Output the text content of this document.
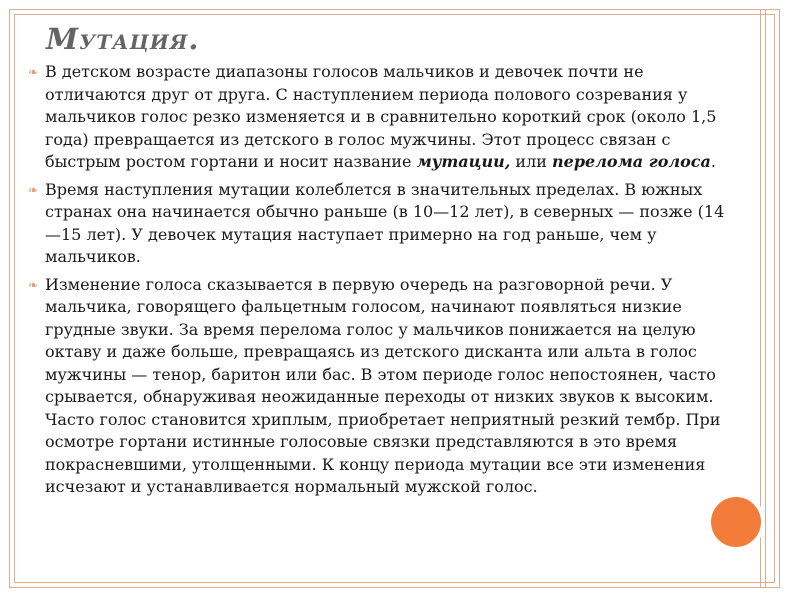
Мутация.
❧ В детском возрасте диапазоны голосов мальчиков и девочек почти не отличаются друг от друга. С наступлением периода полового созревания у мальчиков голос резко изменяется и в сравнительно короткий срок (около 1,5 года) превращается из детского в голос мужчины. Этот процесс связан с быстрым ростом гортани и носит название мутации, или перелома голоса.
❧ Время наступления мутации колеблется в значительных пределах. В южных странах она начинается обычно раньше (в 10—12 лет), в северных — позже (14—15 лет). У девочек мутация наступает примерно на год раньше, чем у мальчиков.
❧ Изменение голоса сказывается в первую очередь на разговорной речи. У мальчика, говорящего фальцетным голосом, начинают появляться низкие грудные звуки. За время перелома голос у мальчиков понижается на целую октаву и даже больше, превращаясь из детского дисканта или альта в голос мужчины — тенор, баритон или бас. В этом периоде голос непостоянен, часто срывается, обнаруживая неожиданные переходы от низких звуков к высоким. Часто голос становится хриплым, приобретает неприятный резкий тембр. При осмотре гортани истинные голосовые связки представляются в это время покрасневшими, утолщенными. К концу периода мутации все эти изменения исчезают и устанавливается нормальный мужской голос.
